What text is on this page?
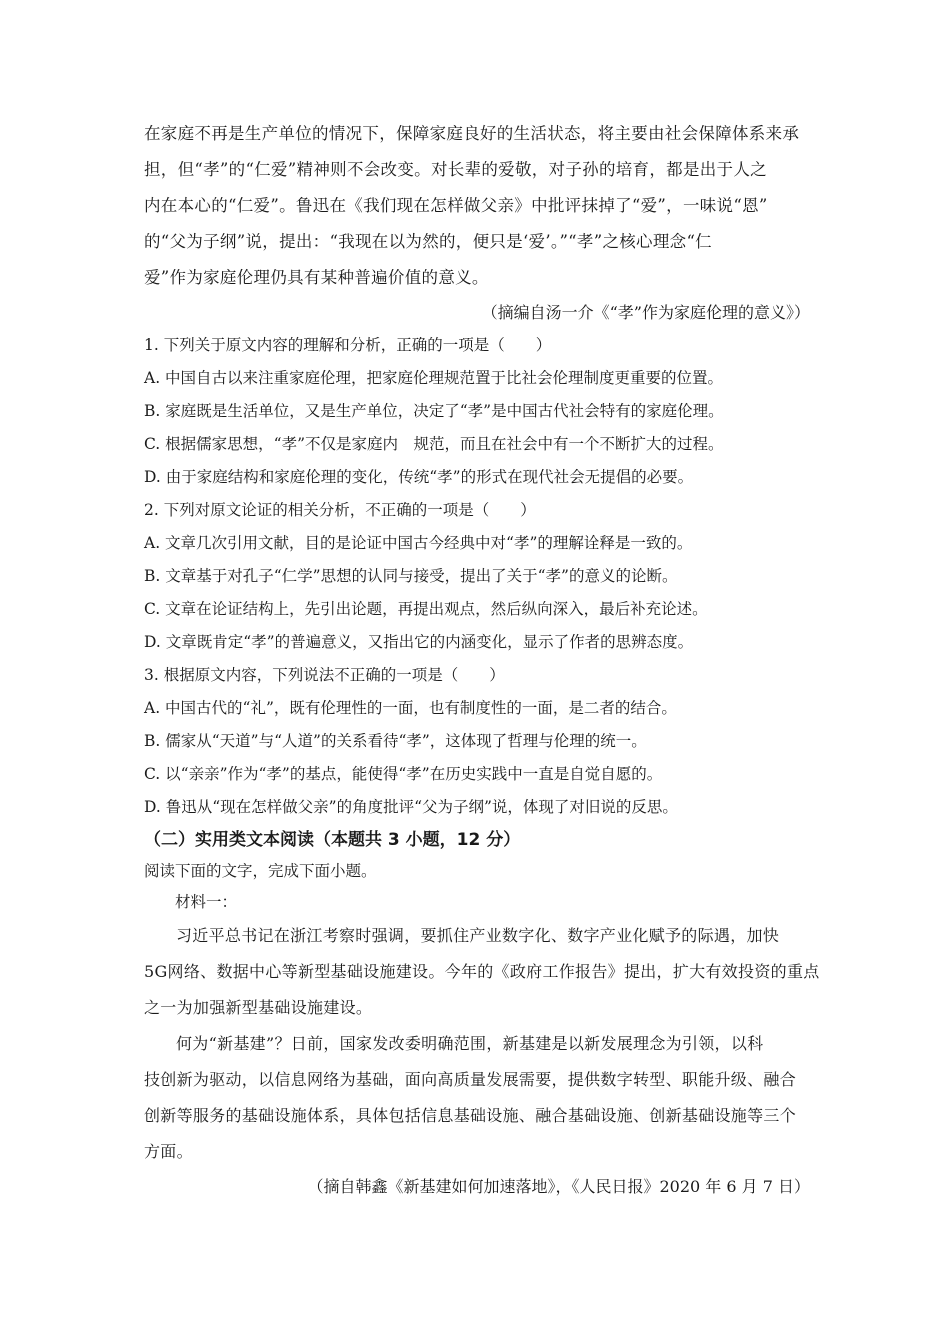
在家庭不再是生产单位的情况下，保障家庭良好的生活状态，将主要由社会保障体系来承
担，但“孝”的“仁爱”精神则不会改变。对长辈的爱敬，对子孙的培育，都是出于人之
内在本心的“仁爱”。鲁迅在《我们现在怎样做父亲》中批评抹掉了“爱”，一味说“恩”
的“父为子纲”说，提出：“我现在以为然的，便只是‘爱’。”“孝”之核心理念“仁
爱”作为家庭伦理仍具有某种普遍价值的意义。

（摘编自汤一介《“孝”作为家庭伦理的意义》）

1. 下列关于原文内容的理解和分析，正确的一项是（　　）

A. 中国自古以来注重家庭伦理，把家庭伦理规范置于比社会伦理制度更重要的位置。

B. 家庭既是生活单位，又是生产单位，决定了“孝”是中国古代社会特有的家庭伦理。

C. 根据儒家思想，“孝”不仅是家庭内　规范，而且在社会中有一个不断扩大的过程。

D. 由于家庭结构和家庭伦理的变化，传统“孝”的形式在现代社会无提倡的必要。

2. 下列对原文论证的相关分析，不正确的一项是（　　）

A. 文章几次引用文献，目的是论证中国古今经典中对“孝”的理解诠释是一致的。

B. 文章基于对孔子“仁学”思想的认同与接受，提出了关于“孝”的意义的论断。

C. 文章在论证结构上，先引出论题，再提出观点，然后纵向深入，最后补充论述。

D. 文章既肯定“孝”的普遍意义，又指出它的内涵变化，显示了作者的思辨态度。

3. 根据原文内容，下列说法不正确的一项是（　　）

A. 中国古代的“礼”，既有伦理性的一面，也有制度性的一面，是二者的结合。

B. 儒家从“天道”与“人道”的关系看待“孝”，这体现了哲理与伦理的统一。

C. 以“亲亲”作为“孝”的基点，能使得“孝”在历史实践中一直是自觉自愿的。

D. 鲁迅从“现在怎样做父亲”的角度批评“父为子纲”说，体现了对旧说的反思。

（二）实用类文本阅读（本题共 3 小题，12 分）

阅读下面的文字，完成下面小题。

材料一：

习近平总书记在浙江考察时强调，要抓住产业数字化、数字产业化赋予的际遇，加快
5G网络、数据中心等新型基础设施建设。今年的《政府工作报告》提出，扩大有效投资的重点
之一为加强新型基础设施建设。
何为“新基建”？日前，国家发改委明确范围，新基建是以新发展理念为引领，以科
技创新为驱动，以信息网络为基础，面向高质量发展需要，提供数字转型、职能升级、融合
创新等服务的基础设施体系，具体包括信息基础设施、融合基础设施、创新基础设施等三个
方面。

（摘自韩鑫《新基建如何加速落地》，《人民日报》2020 年 6 月 7 日）
